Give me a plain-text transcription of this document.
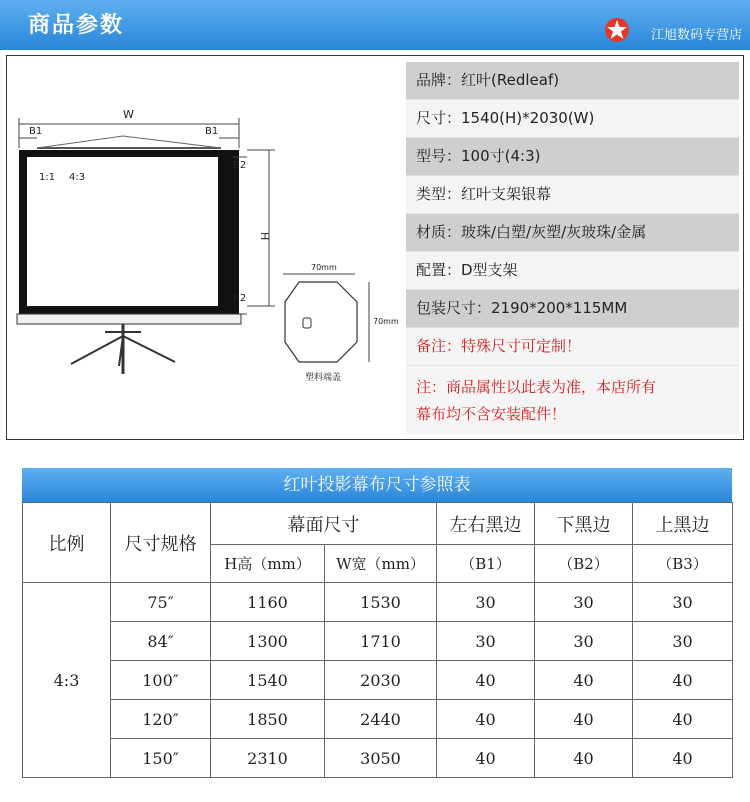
商品参数	江旭数码专营店
W
B1	B1
1:1 4:3
H
B2
B2
70mm
70mm
塑料端盖
品牌：红叶(Redleaf)
尺寸：1540(H)*2030(W)
型号：100寸(4:3)
类型：红叶支架银幕
材质：玻珠/白塑/灰塑/灰玻珠/金属
配置：D型支架
包装尺寸：2190*200*115MM
备注：特殊尺寸可定制！
注：商品属性以此表为准，本店所有
幕布均不含安装配件！
红叶投影幕布尺寸参照表
比例	尺寸规格	幕面尺寸		左右黑边	下黑边	上黑边
		H高（mm）	W宽（mm）	（B1）	（B2）	（B3）
4:3	75″	1160	1530	30	30	30
	84″	1300	1710	30	30	30
	100″	1540	2030	40	40	40
	120″	1850	2440	40	40	40
	150″	2310	3050	40	40	40
